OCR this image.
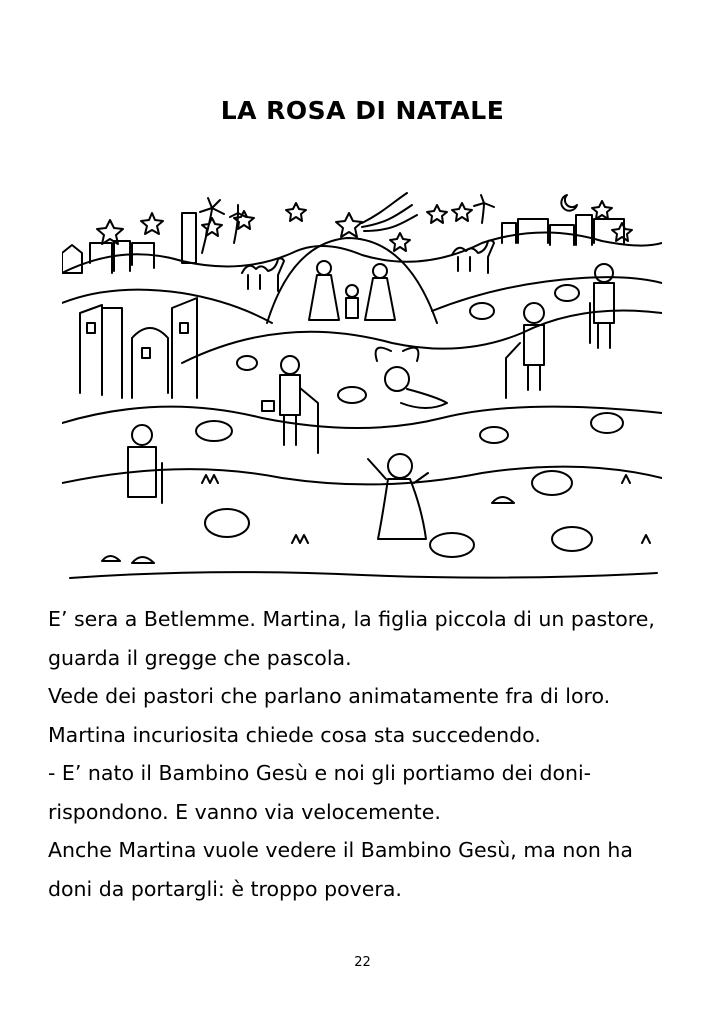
LA ROSA DI NATALE

E’ sera a Betlemme. Martina, la figlia piccola di un pastore,

guarda il gregge che pascola.

Vede dei pastori che parlano animatamente fra di loro.

Martina incuriosita chiede cosa sta succedendo.

- E’ nato il Bambino Gesù e noi gli portiamo dei doni-

rispondono. E vanno via velocemente.

Anche Martina vuole vedere il Bambino Gesù, ma non ha

doni da portargli: è troppo povera.

22
